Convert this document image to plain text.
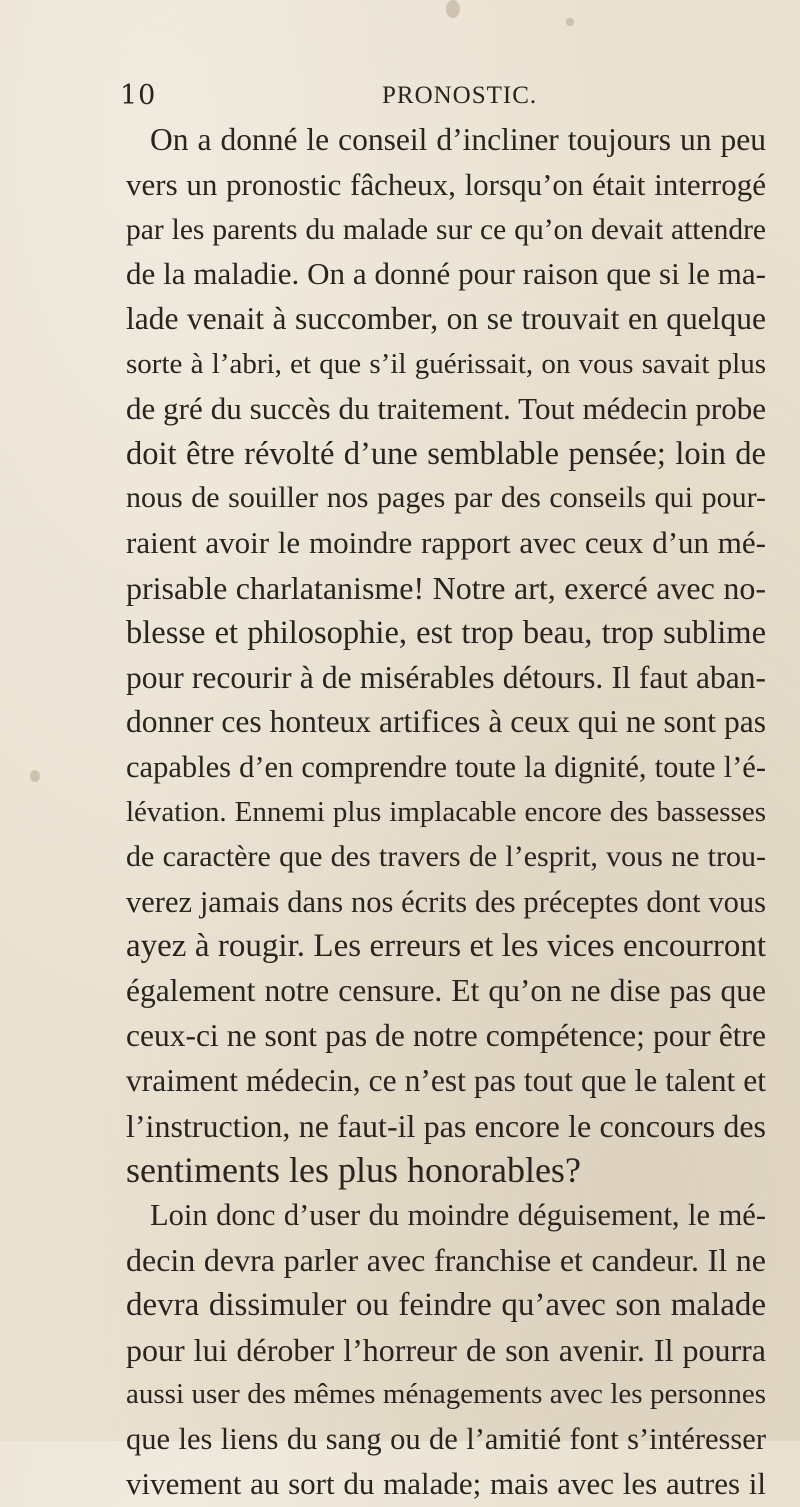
10	PRONOSTIC.
On a donné le conseil d’incliner toujours un peu
vers un pronostic fâcheux, lorsqu’on était interrogé
par les parents du malade sur ce qu’on devait attendre
de la maladie. On a donné pour raison que si le ma-
lade venait à succomber, on se trouvait en quelque
sorte à l’abri, et que s’il guérissait, on vous savait plus
de gré du succès du traitement. Tout médecin probe
doit être révolté d’une semblable pensée; loin de
nous de souiller nos pages par des conseils qui pour-
raient avoir le moindre rapport avec ceux d’un mé-
prisable charlatanisme! Notre art, exercé avec no-
blesse et philosophie, est trop beau, trop sublime
pour recourir à de misérables détours. Il faut aban-
donner ces honteux artifices à ceux qui ne sont pas
capables d’en comprendre toute la dignité, toute l’é-
lévation. Ennemi plus implacable encore des bassesses
de caractère que des travers de l’esprit, vous ne trou-
verez jamais dans nos écrits des préceptes dont vous
ayez à rougir. Les erreurs et les vices encourront
également notre censure. Et qu’on ne dise pas que
ceux-ci ne sont pas de notre compétence; pour être
vraiment médecin, ce n’est pas tout que le talent et
l’instruction, ne faut-il pas encore le concours des
sentiments les plus honorables?
Loin donc d’user du moindre déguisement, le mé-
decin devra parler avec franchise et candeur. Il ne
devra dissimuler ou feindre qu’avec son malade
pour lui dérober l’horreur de son avenir. Il pourra
aussi user des mêmes ménagements avec les personnes
que les liens du sang ou de l’amitié font s’intéresser
vivement au sort du malade; mais avec les autres il
